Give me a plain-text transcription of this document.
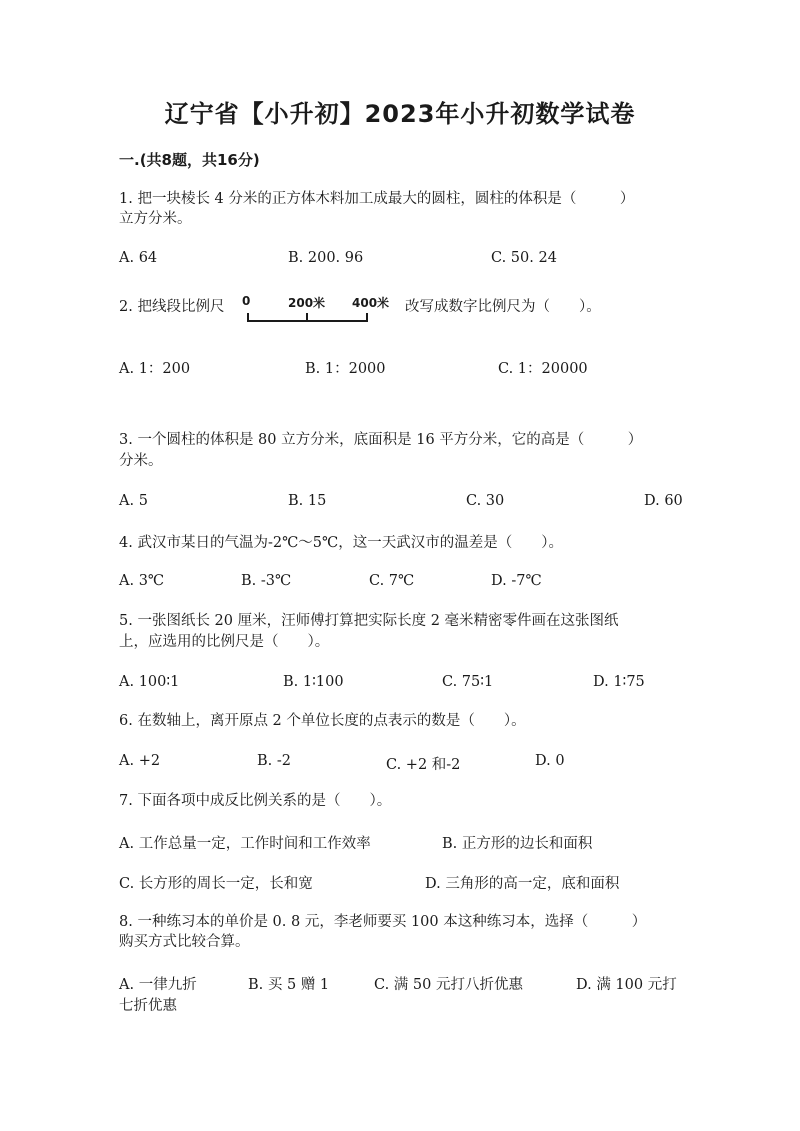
辽宁省【小升初】2023年小升初数学试卷
一.(共8题，共16分)
1. 把一块棱长 4 分米的正方体木料加工成最大的圆柱，圆柱的体积是（　　　）
立方分米。
A. 64	B. 200. 96	C. 50. 24
2. 把线段比例尺 0	200米 400米 改写成数字比例尺为（　　）。
A. 1：200	B. 1：2000	C. 1：20000
3. 一个圆柱的体积是 80 立方分米，底面积是 16 平方分米，它的高是（　　　）
分米。
A. 5	B. 15	C. 30	D. 60
4. 武汉市某日的气温为-2℃～5℃，这一天武汉市的温差是（　　）。
A. 3℃	B. -3℃	C. 7℃	D. -7℃
5. 一张图纸长 20 厘米，汪师傅打算把实际长度 2 毫米精密零件画在这张图纸
上，应选用的比例尺是（　　）。
A. 100∶1	B. 1∶100	C. 75∶1	D. 1∶75
6. 在数轴上，离开原点 2 个单位长度的点表示的数是（　　）。
A. +2	B. -2	C. +2 和-2	D. 0
7. 下面各项中成反比例关系的是（　　）。
A. 工作总量一定，工作时间和工作效率	B. 正方形的边长和面积
C. 长方形的周长一定，长和宽	D. 三角形的高一定，底和面积
8. 一种练习本的单价是 0. 8 元，李老师要买 100 本这种练习本，选择（　　　）
购买方式比较合算。
A. 一律九折	B. 买 5 赠 1	C. 满 50 元打八折优惠	D. 满 100 元打
七折优惠
